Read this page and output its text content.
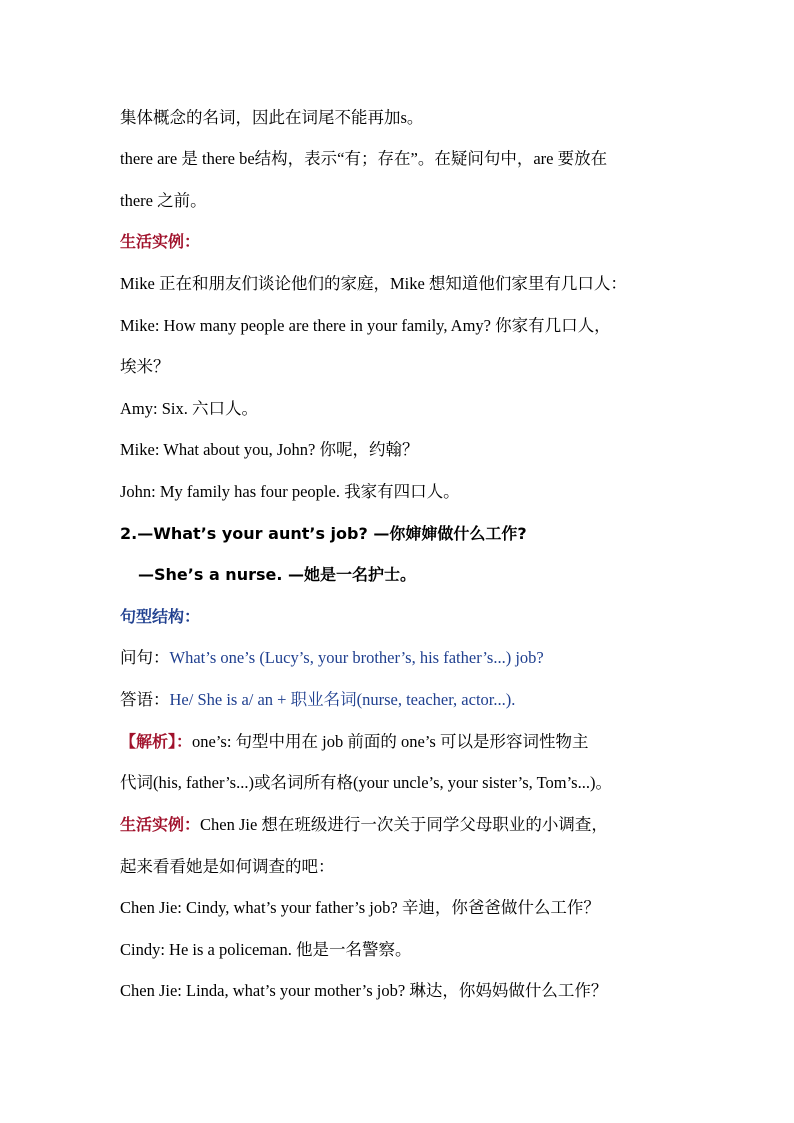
集体概念的名词，因此在词尾不能再加s。
there are 是 there be结构，表示“有；存在”。在疑问句中，are 要放在
there 之前。
生活实例：
Mike 正在和朋友们谈论他们的家庭，Mike 想知道他们家里有几口人：
Mike: How many people are there in your family, Amy? 你家有几口人，
埃米？
Amy: Six. 六口人。
Mike: What about you, John? 你呢，约翰？
John: My family has four people. 我家有四口人。
2.—What’s your aunt’s job? —你婶婶做什么工作?
—She’s a nurse. —她是一名护士。
句型结构：
问句：What’s one’s (Lucy’s, your brother’s, his father’s...) job?
答语：He/ She is a/ an + 职业名词(nurse, teacher, actor...).
【解析】：one’s: 句型中用在 job 前面的 one’s 可以是形容词性物主
代词(his, father’s...)或名词所有格(your uncle’s, your sister’s, Tom’s...)。
生活实例：Chen Jie 想在班级进行一次关于同学父母职业的小调查，
起来看看她是如何调查的吧：
Chen Jie: Cindy, what’s your father’s job? 辛迪，你爸爸做什么工作？
Cindy: He is a policeman. 他是一名警察。
Chen Jie: Linda, what’s your mother’s job? 琳达，你妈妈做什么工作？
